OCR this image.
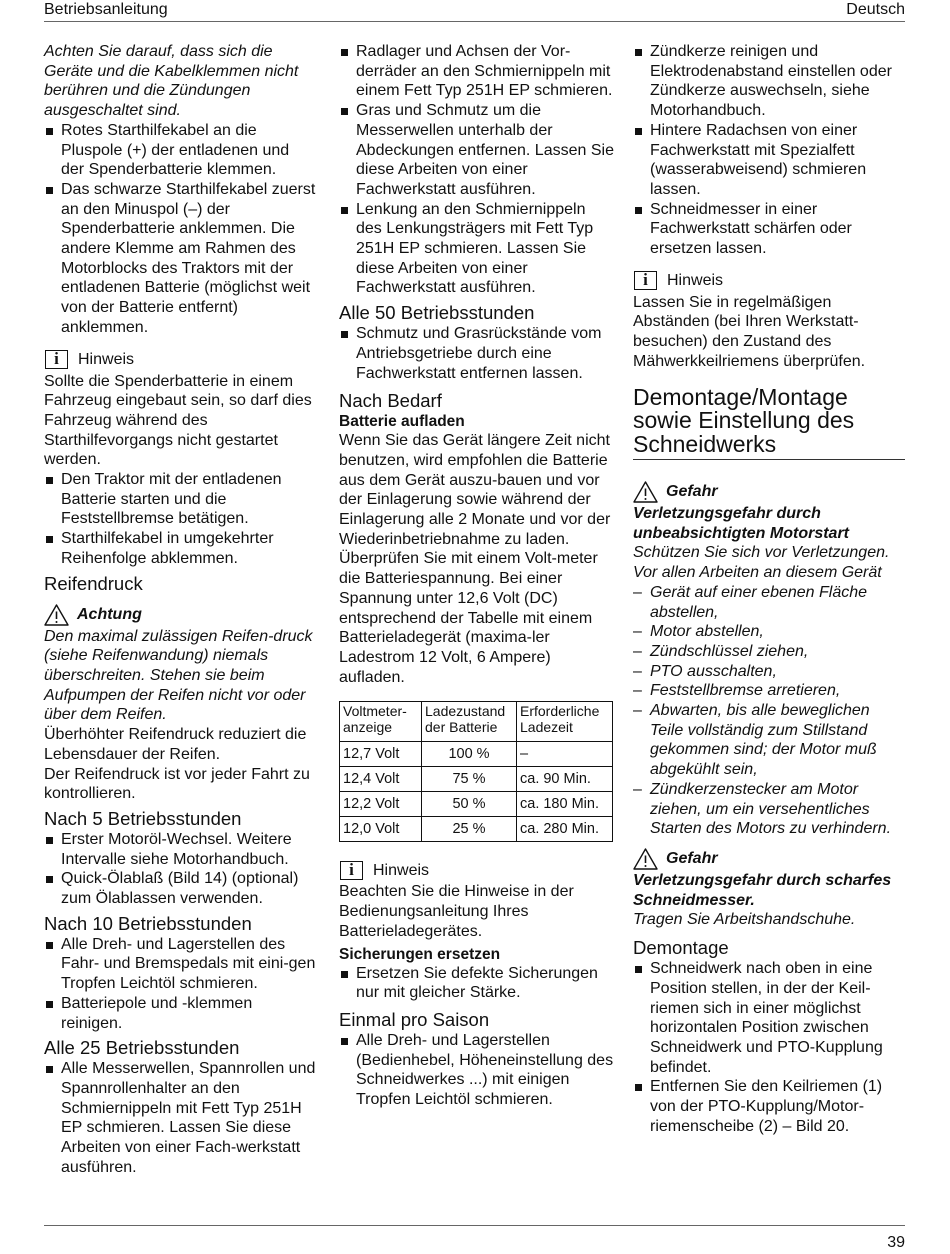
Betriebsanleitung	Deutsch

Achten Sie darauf, dass sich die Geräte und die Kabelklemmen nicht berühren und die Zündungen ausgeschaltet sind.

Rotes Starthilfekabel an die Pluspole (+) der entladenen und der Spenderbatterie klemmen.
Das schwarze Starthilfekabel zuerst an den Minuspol (–) der Spenderbatterie anklemmen. Die andere Klemme am Rahmen des Motorblocks des Traktors mit der entladenen Batterie (möglichst weit von der Batterie entfernt) anklemmen.
i	Hinweis

Sollte die Spenderbatterie in einem Fahrzeug eingebaut sein, so darf dies Fahrzeug während des Starthilfevorgangs nicht gestartet werden.

Den Traktor mit der entladenen Batterie starten und die Feststellbremse betätigen.
Starthilfekabel in umgekehrter Reihenfolge abklemmen.
Reifendruck
Achtung

Den maximal zulässigen Reifen-druck (siehe Reifenwandung) niemals überschreiten. Stehen sie beim Aufpumpen der Reifen nicht vor oder über dem Reifen.

Überhöhter Reifendruck reduziert die Lebensdauer der Reifen.

Der Reifendruck ist vor jeder Fahrt zu kontrollieren.

Nach 5 Betriebsstunden
Erster Motoröl-Wechsel. Weitere Intervalle siehe Motorhandbuch.
Quick-Ölablaß (Bild 14) (optional) zum Ölablassen verwenden.
Nach 10 Betriebsstunden
Alle Dreh- und Lagerstellen des Fahr- und Bremspedals mit eini-gen Tropfen Leichtöl schmieren.
Batteriepole und -klemmen reinigen.
Alle 25 Betriebsstunden
Alle Messerwellen, Spannrollen und Spannrollenhalter an den Schmiernippeln mit Fett Typ 251H EP schmieren. Lassen Sie diese Arbeiten von einer Fach-werkstatt ausführen.
Radlager und Achsen der Vor-derräder an den Schmiernippeln mit einem Fett Typ 251H EP schmieren.
Gras und Schmutz um die Messerwellen unterhalb der Abdeckungen entfernen. Lassen Sie diese Arbeiten von einer Fachwerkstatt ausführen.
Lenkung an den Schmiernippeln des Lenkungsträgers mit Fett Typ 251H EP schmieren. Lassen Sie diese Arbeiten von einer Fachwerkstatt ausführen.
Alle 50 Betriebsstunden
Schmutz und Grasrückstände vom Antriebsgetriebe durch eine Fachwerkstatt entfernen lassen.
Nach Bedarf
Batterie aufladen

Wenn Sie das Gerät längere Zeit nicht benutzen, wird empfohlen die Batterie aus dem Gerät auszu-bauen und vor der Einlagerung sowie während der Einlagerung alle 2 Monate und vor der Wiederinbetriebnahme zu laden. Überprüfen Sie mit einem Volt-meter die Batteriespannung. Bei einer Spannung unter 12,6 Volt (DC) entsprechend der Tabelle mit einem Batterieladegerät (maxima-ler Ladestrom 12 Volt, 6 Ampere) aufladen.

Voltmeter-anzeige	Ladezustand der Batterie	Erforderliche Ladezeit
12,7 Volt	100 %	–
12,4 Volt	75 %	ca. 90 Min.
12,2 Volt	50 %	ca. 180 Min.
12,0 Volt	25 %	ca. 280 Min.
i	Hinweis

Beachten Sie die Hinweise in der Bedienungsanleitung Ihres Batterieladegerätes.

Sicherungen ersetzen
Ersetzen Sie defekte Sicherungen nur mit gleicher Stärke.
Einmal pro Saison
Alle Dreh- und Lagerstellen (Bedienhebel, Höheneinstellung des Schneidwerkes ...) mit einigen Tropfen Leichtöl schmieren.
Zündkerze reinigen und Elektrodenabstand einstellen oder Zündkerze auswechseln, siehe Motorhandbuch.
Hintere Radachsen von einer Fachwerkstatt mit Spezialfett (wasserabweisend) schmieren lassen.
Schneidmesser in einer Fachwerkstatt schärfen oder ersetzen lassen.
i	Hinweis

Lassen Sie in regelmäßigen Abständen (bei Ihren Werkstatt-besuchen) den Zustand des Mähwerkkeilriemens überprüfen.

Demontage/Montage sowie Einstellung des Schneidwerks
Gefahr

Verletzungsgefahr durch unbeabsichtigten Motorstart

Schützen Sie sich vor Verletzungen. Vor allen Arbeiten an diesem Gerät

– Gerät auf einer ebenen Fläche abstellen,
– Motor abstellen,
– Zündschlüssel ziehen,
– PTO ausschalten,
– Feststellbremse arretieren,
– Abwarten, bis alle beweglichen Teile vollständig zum Stillstand gekommen sind; der Motor muß abgekühlt sein,
– Zündkerzenstecker am Motor ziehen, um ein versehentliches Starten des Motors zu verhindern.
Gefahr

Verletzungsgefahr durch scharfes Schneidmesser.

Tragen Sie Arbeitshandschuhe.

Demontage
Schneidwerk nach oben in eine Position stellen, in der der Keil-riemen sich in einer möglichst horizontalen Position zwischen Schneidwerk und PTO-Kupplung befindet.
Entfernen Sie den Keilriemen (1) von der PTO-Kupplung/Motor-riemenscheibe (2) – Bild 20.
39
